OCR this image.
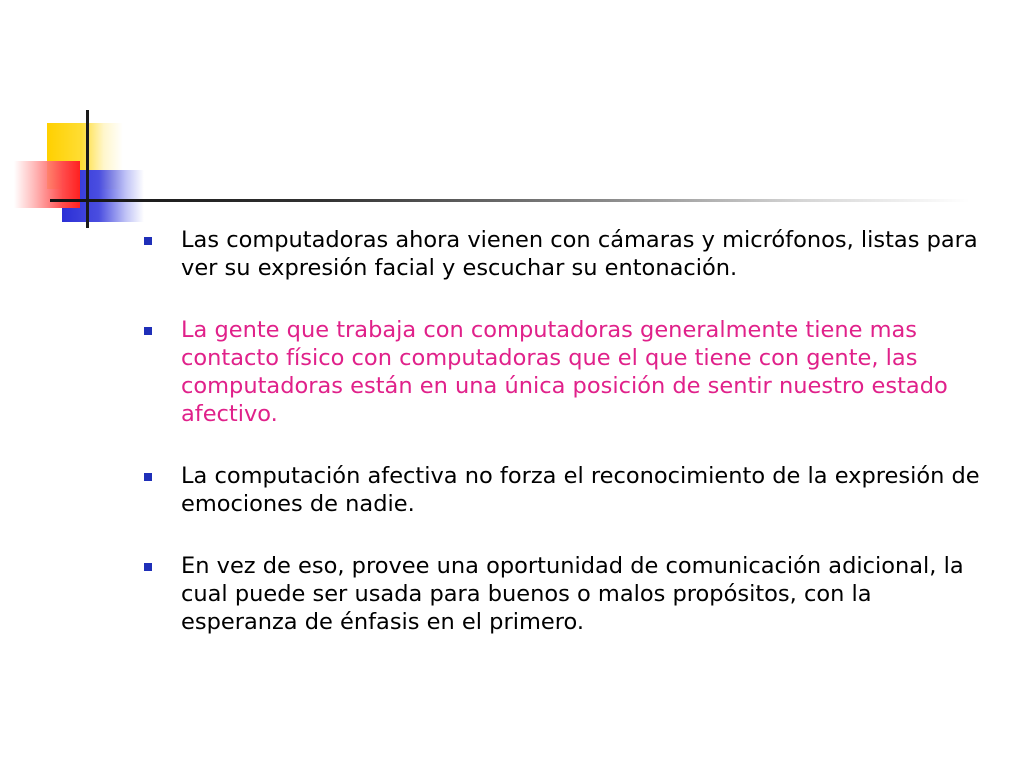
Las computadoras ahora vienen con cámaras y micrófonos, listas para ver su expresión facial y escuchar su entonación.
La gente que trabaja con computadoras generalmente tiene mas contacto físico con computadoras que el que tiene con gente, las computadoras están en una única posición de sentir nuestro estado afectivo.
La computación afectiva no forza el reconocimiento de la expresión de emociones de nadie.
En vez de eso, provee una oportunidad de comunicación adicional, la cual puede ser usada para buenos o malos propósitos, con la esperanza de énfasis en el primero.
